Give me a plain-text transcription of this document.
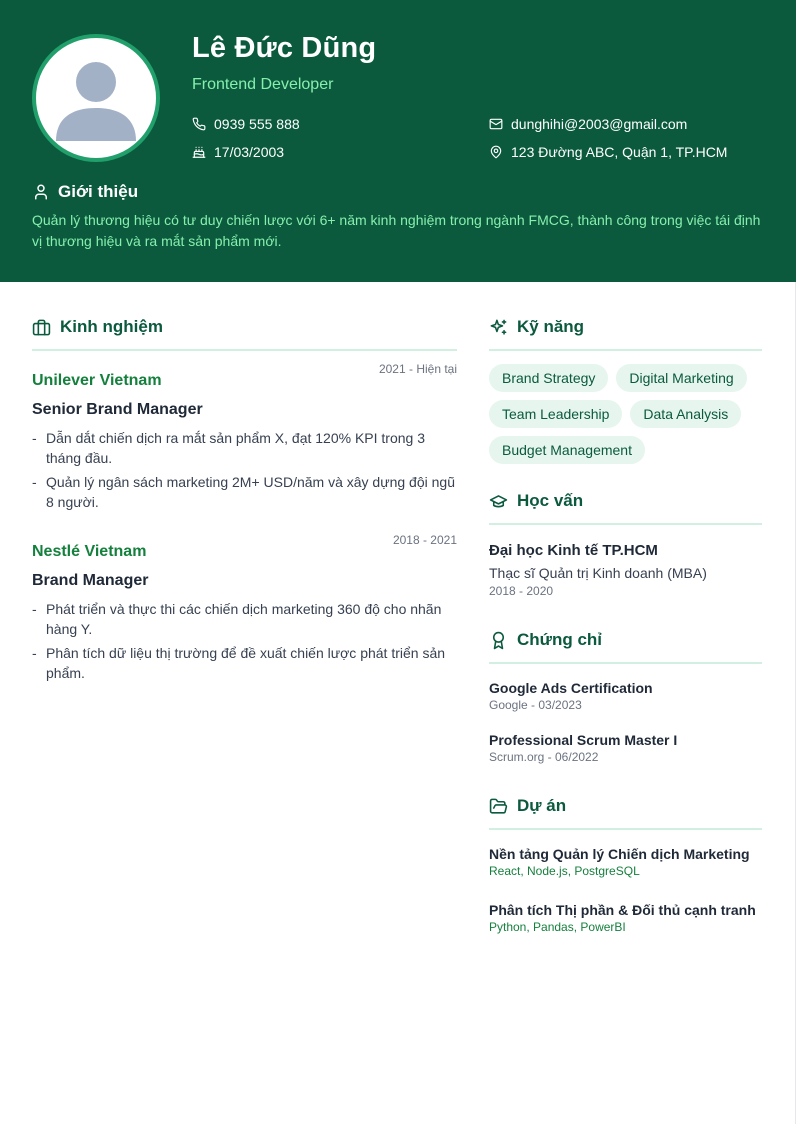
Lê Đức Dũng
Frontend Developer
0939 555 888
17/03/2003
dunghihi@2003@gmail.com
123 Đường ABC, Quận 1, TP.HCM
Giới thiệu
Quản lý thương hiệu có tư duy chiến lược với 6+ năm kinh nghiệm trong ngành FMCG, thành công trong việc tái định vị thương hiệu và ra mắt sản phẩm mới.
Kinh nghiệm
2021 - Hiện tại
Unilever Vietnam
Senior Brand Manager
- Dẫn dắt chiến dịch ra mắt sản phẩm X, đạt 120% KPI trong 3 tháng đầu.
- Quản lý ngân sách marketing 2M+ USD/năm và xây dựng đội ngũ 8 người.
2018 - 2021
Nestlé Vietnam
Brand Manager
- Phát triển và thực thi các chiến dịch marketing 360 độ cho nhãn hàng Y.
- Phân tích dữ liệu thị trường để đề xuất chiến lược phát triển sản phẩm.
Kỹ năng
Brand Strategy	Digital Marketing
Team Leadership	Data Analysis
Budget Management
Học vấn
Đại học Kinh tế TP.HCM
Thạc sĩ Quản trị Kinh doanh (MBA)
2018 - 2020
Chứng chỉ
Google Ads Certification
Google - 03/2023
Professional Scrum Master I
Scrum.org - 06/2022
Dự án
Nền tảng Quản lý Chiến dịch Marketing
React, Node.js, PostgreSQL
Phân tích Thị phần & Đối thủ cạnh tranh
Python, Pandas, PowerBI
